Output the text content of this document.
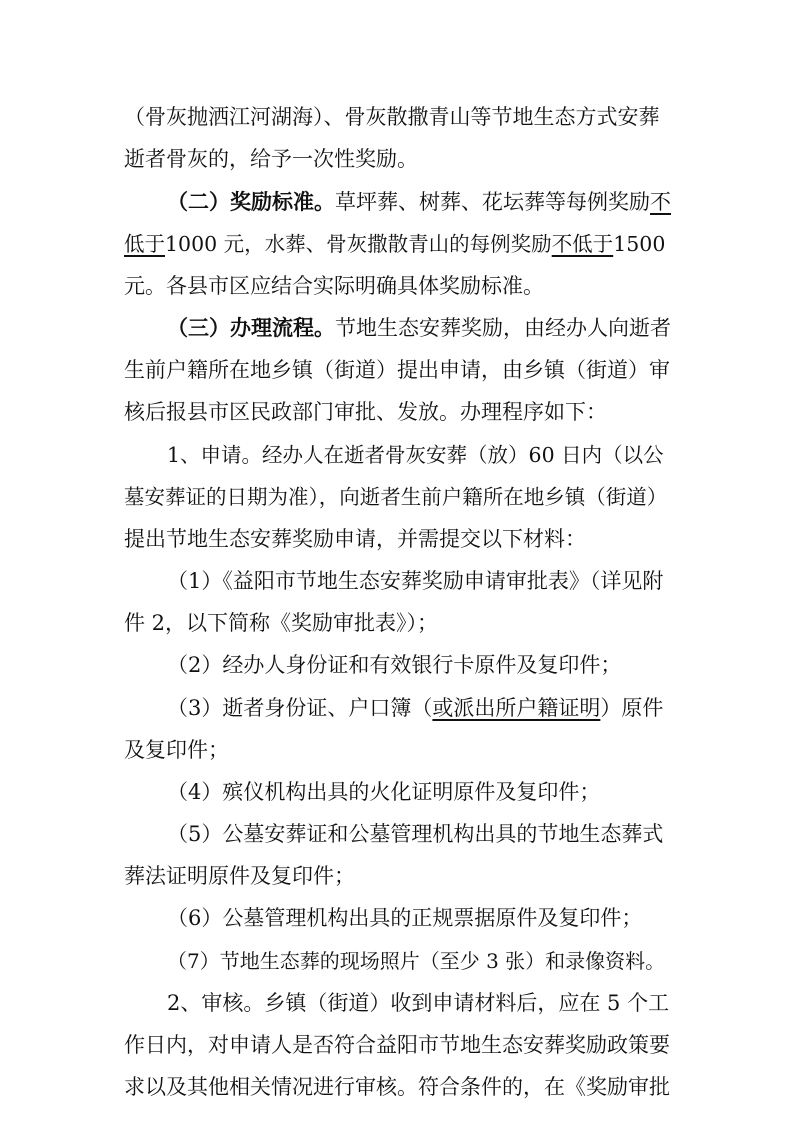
（骨灰抛洒江河湖海）、骨灰散撒青山等节地生态方式安葬
逝者骨灰的，给予一次性奖励。
（二）奖励标准。草坪葬、树葬、花坛葬等每例奖励不
低于1000 元，水葬、骨灰撒散青山的每例奖励不低于1500
元。各县市区应结合实际明确具体奖励标准。
（三）办理流程。节地生态安葬奖励，由经办人向逝者
生前户籍所在地乡镇（街道）提出申请，由乡镇（街道）审
核后报县市区民政部门审批、发放。办理程序如下：
1、申请。经办人在逝者骨灰安葬（放）60 日内（以公
墓安葬证的日期为准），向逝者生前户籍所在地乡镇（街道）
提出节地生态安葬奖励申请，并需提交以下材料：
（1）《益阳市节地生态安葬奖励申请审批表》（详见附
件 2，以下简称《奖励审批表》）；
（2）经办人身份证和有效银行卡原件及复印件；
（3）逝者身份证、户口簿（或派出所户籍证明）原件
及复印件；
（4）殡仪机构出具的火化证明原件及复印件；
（5）公墓安葬证和公墓管理机构出具的节地生态葬式
葬法证明原件及复印件；
（6）公墓管理机构出具的正规票据原件及复印件；
（7）节地生态葬的现场照片（至少 3 张）和录像资料。
2、审核。乡镇（街道）收到申请材料后，应在 5 个工
作日内，对申请人是否符合益阳市节地生态安葬奖励政策要
求以及其他相关情况进行审核。符合条件的，在《奖励审批
